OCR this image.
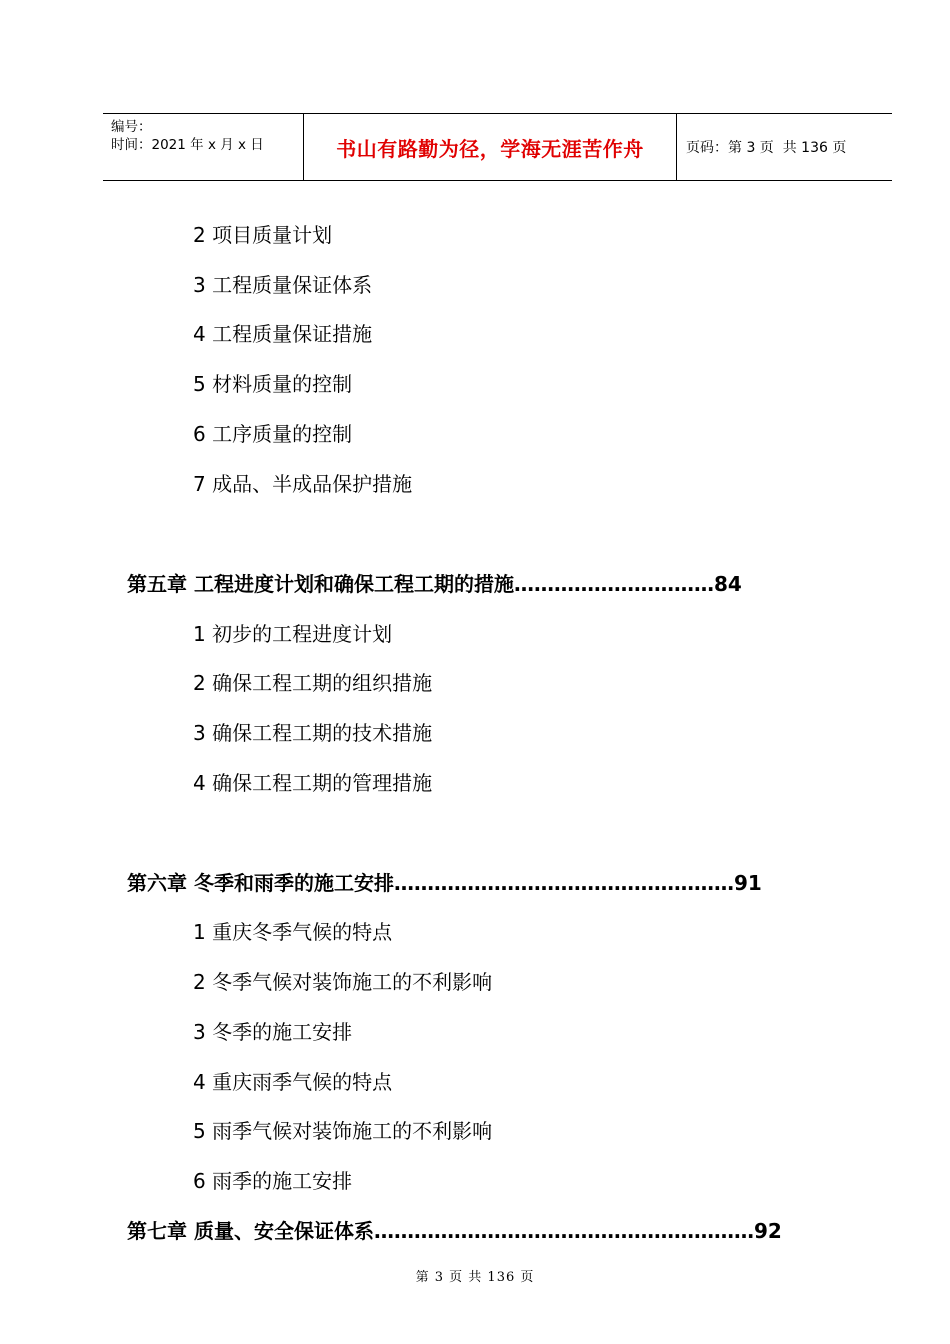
编号：
时间：2021 年 x 月 x 日	书山有路勤为径，学海无涯苦作舟	页码：第 3 页  共 136 页
2 项目质量计划
3 工程质量保证体系
4 工程质量保证措施
5 材料质量的控制
6 工序质量的控制
7 成品、半成品保护措施
第五章 工程进度计划和确保工程工期的措施 ………………………… 84
1 初步的工程进度计划
2 确保工程工期的组织措施
3 确保工程工期的技术措施
4 确保工程工期的管理措施
第六章 冬季和雨季的施工安排 …………………………………………… 91
1 重庆冬季气候的特点
2 冬季气候对装饰施工的不利影响
3 冬季的施工安排
4 重庆雨季气候的特点
5 雨季气候对装饰施工的不利影响
6 雨季的施工安排
第七章 质量、安全保证体系 ………………………………………………… 92
第 3 页 共 136 页
